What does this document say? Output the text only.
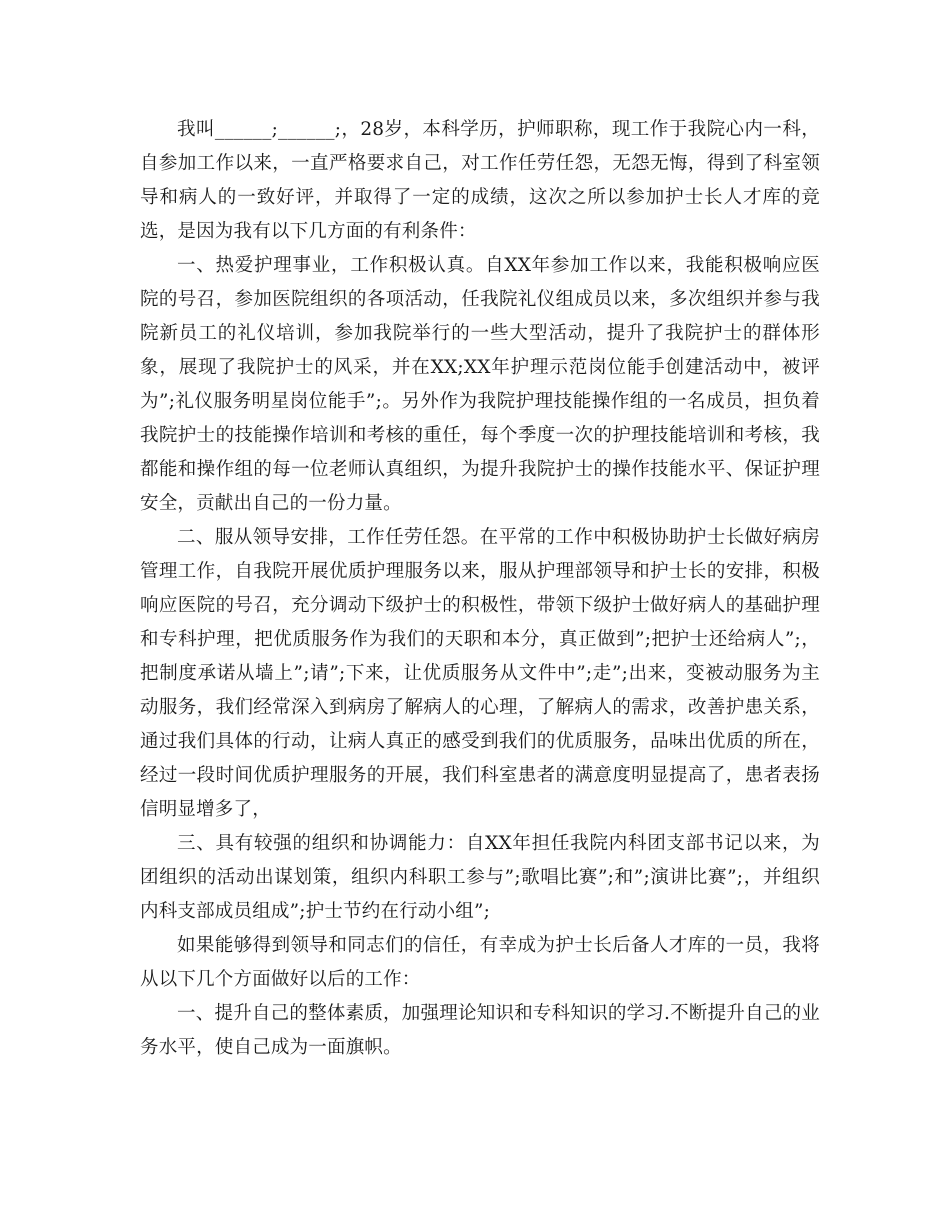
我叫______;______;，28岁，本科学历，护师职称，现工作于我院心内一科，自参加工作以来，一直严格要求自己，对工作任劳任怨，无怨无悔，得到了科室领导和病人的一致好评，并取得了一定的成绩，这次之所以参加护士长人才库的竞选，是因为我有以下几方面的有利条件：

一、热爱护理事业，工作积极认真。自XX年参加工作以来，我能积极响应医院的号召，参加医院组织的各项活动，任我院礼仪组成员以来，多次组织并参与我院新员工的礼仪培训，参加我院举行的一些大型活动，提升了我院护士的群体形象，展现了我院护士的风采，并在XX;XX年护理示范岗位能手创建活动中，被评为”;礼仪服务明星岗位能手”;。另外作为我院护理技能操作组的一名成员，担负着我院护士的技能操作培训和考核的重任，每个季度一次的护理技能培训和考核，我都能和操作组的每一位老师认真组织，为提升我院护士的操作技能水平、保证护理安全，贡献出自己的一份力量。

二、服从领导安排，工作任劳任怨。在平常的工作中积极协助护士长做好病房管理工作，自我院开展优质护理服务以来，服从护理部领导和护士长的安排，积极响应医院的号召，充分调动下级护士的积极性，带领下级护士做好病人的基础护理和专科护理，把优质服务作为我们的天职和本分，真正做到”;把护士还给病人”;，把制度承诺从墙上”;请”;下来，让优质服务从文件中”;走”;出来，变被动服务为主动服务，我们经常深入到病房了解病人的心理，了解病人的需求，改善护患关系，通过我们具体的行动，让病人真正的感受到我们的优质服务，品味出优质的所在，经过一段时间优质护理服务的开展，我们科室患者的满意度明显提高了，患者表扬信明显增多了，

三、具有较强的组织和协调能力：自XX年担任我院内科团支部书记以来，为团组织的活动出谋划策，组织内科职工参与”;歌唱比赛”;和”;演讲比赛”;，并组织内科支部成员组成”;护士节约在行动小组”;

如果能够得到领导和同志们的信任，有幸成为护士长后备人才库的一员，我将从以下几个方面做好以后的工作：

一、提升自己的整体素质，加强理论知识和专科知识的学习.不断提升自己的业务水平，使自己成为一面旗帜。
